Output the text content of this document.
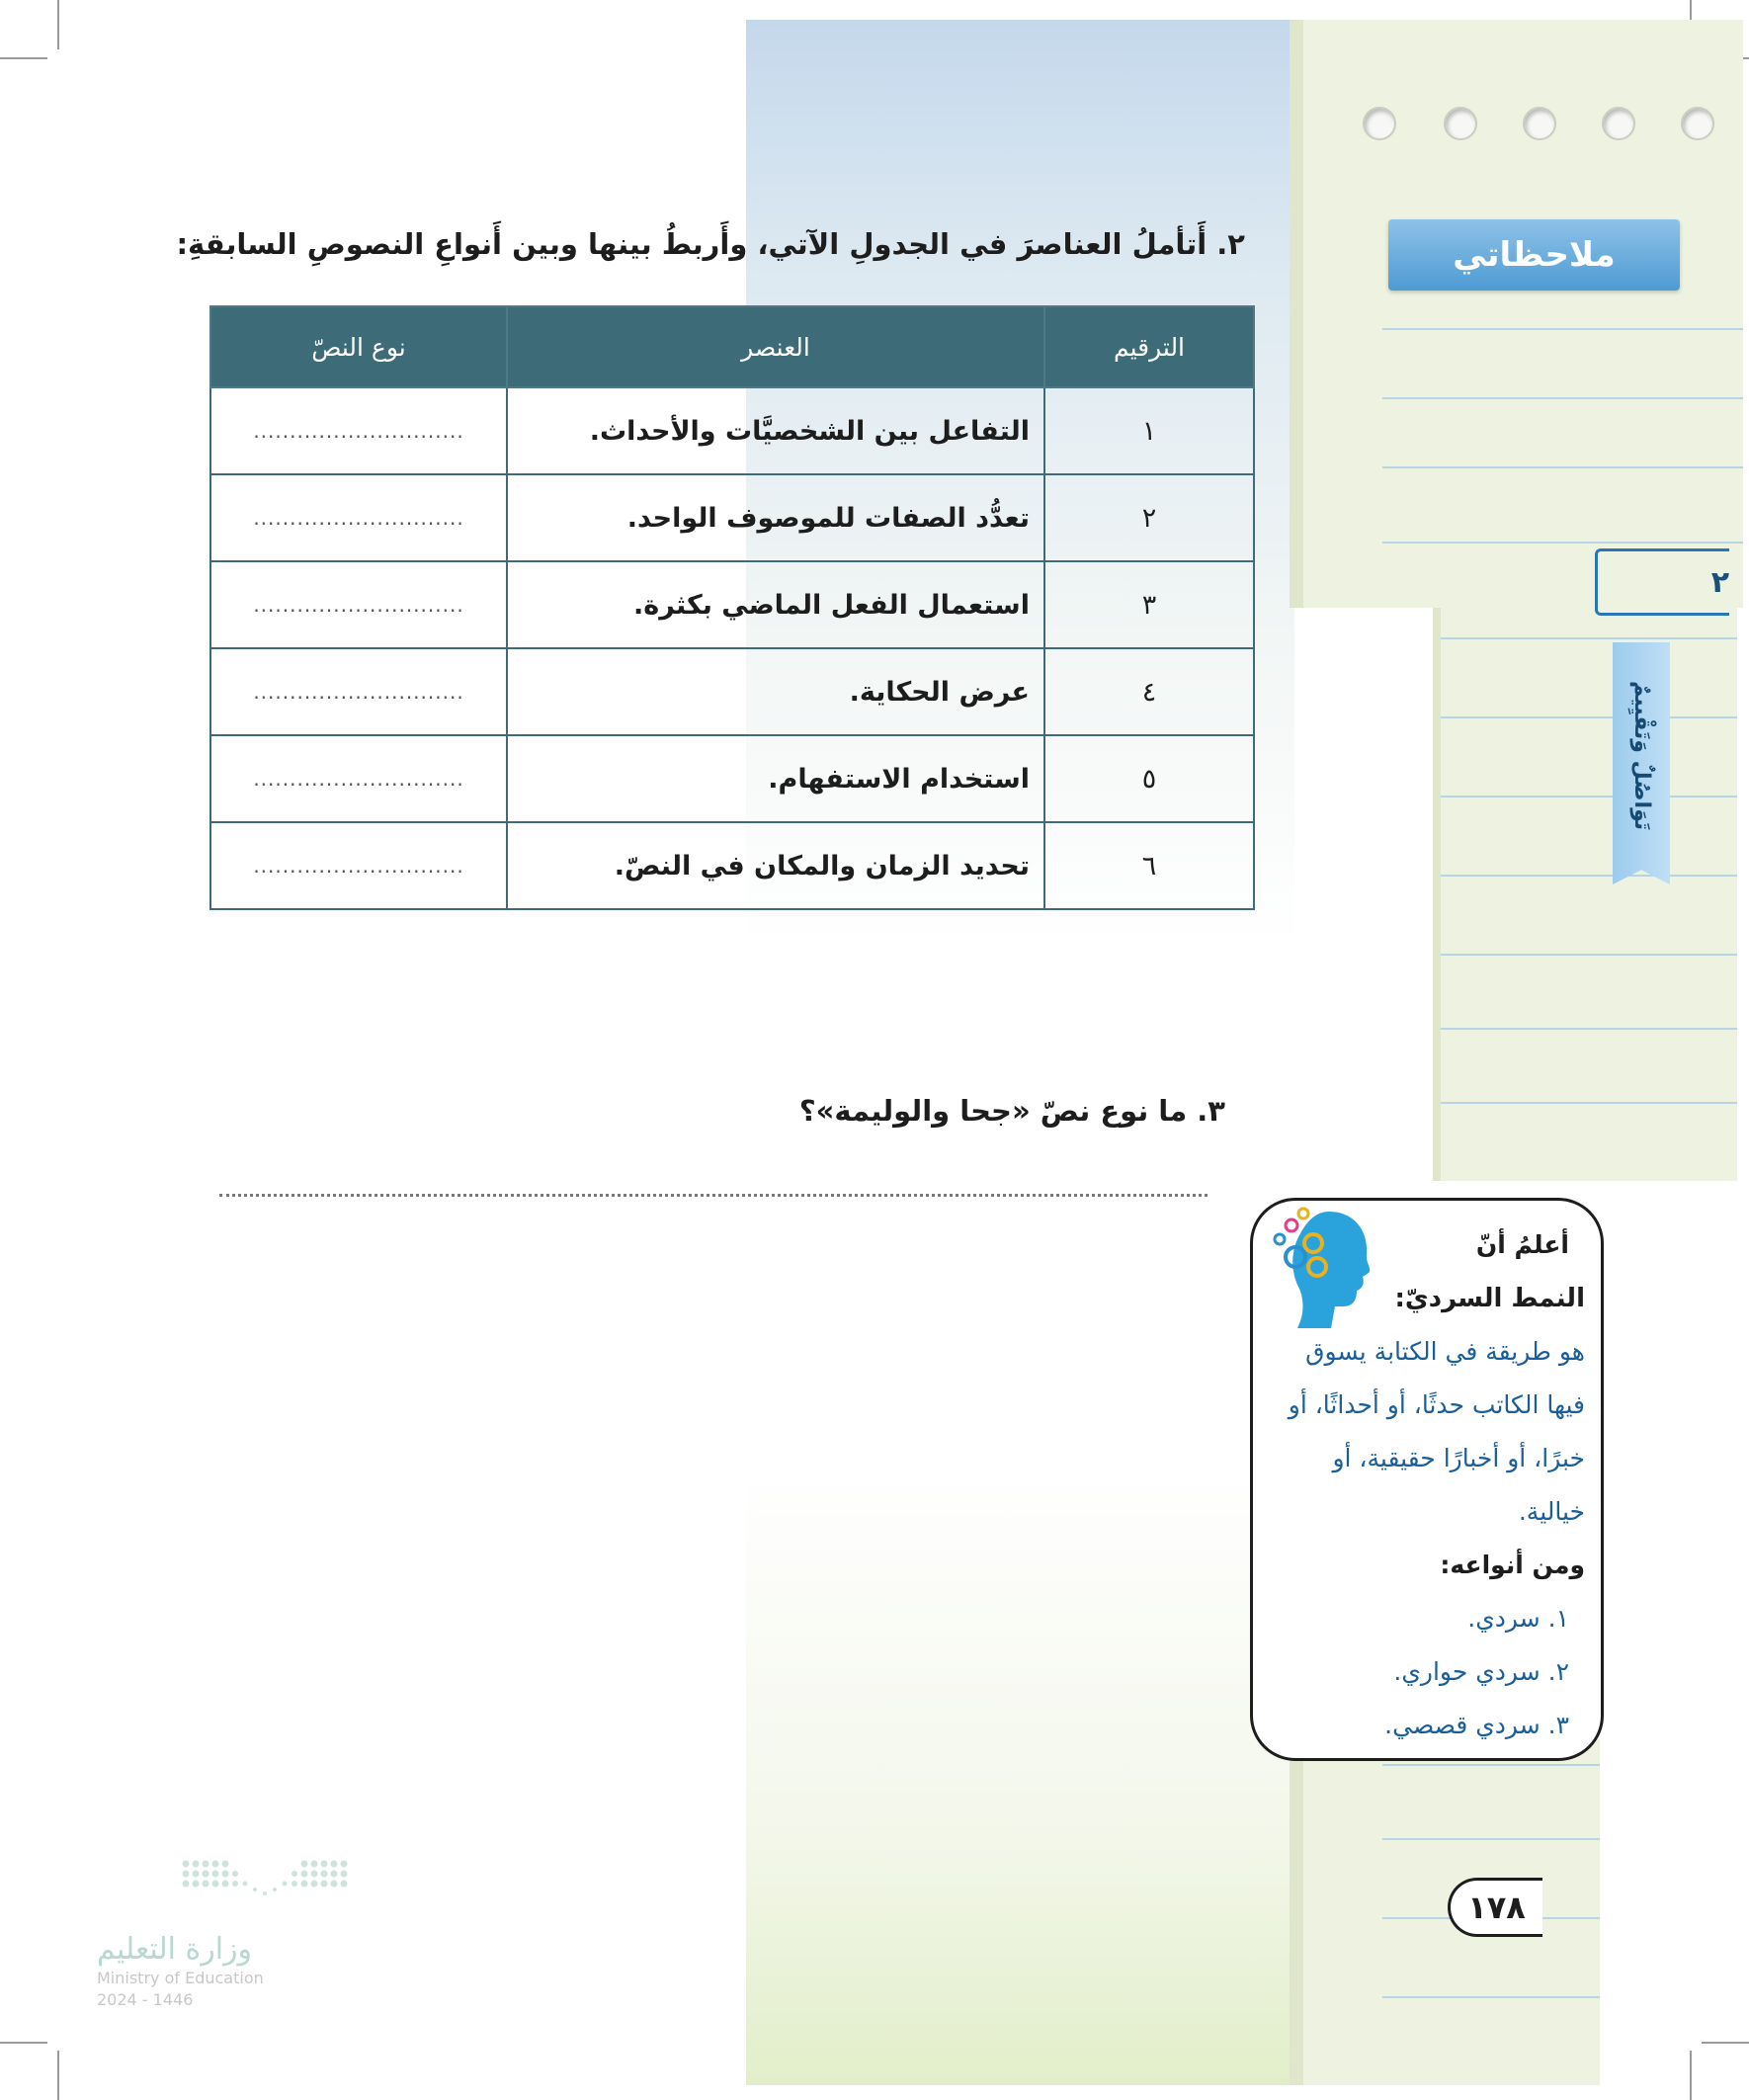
ملاحظاتي
٢
تَوَاصُلٌ وَتَقْيِيمٌ
٢. أَتأملُ العناصرَ في الجدولِ الآتي، وأَربطُ بينها وبين أَنواعِ النصوصِ السابقةِ:
الترقيم	العنصر	نوع النصّ
١	التفاعل بين الشخصيَّات والأحداث.	.............................
٢	تعدُّد الصفات للموصوف الواحد.	.............................
٣	استعمال الفعل الماضي بكثرة.	.............................
٤	عرض الحكاية.	.............................
٥	استخدام الاستفهام.	.............................
٦	تحديد الزمان والمكان في النصّ.	.............................
٣. ما نوع نصّ «جحا والوليمة»؟
أعلمُ أنّ
النمط السرديّ:
هو طريقة في الكتابة يسوق فيها الكاتب حدثًا، أو أحداثًا، أو خبرًا، أو أخبارًا حقيقية، أو خيالية.
ومن أنواعه:
١. سردي.
٢. سردي حواري.
٣. سردي قصصي.
١٧٨
وزارة التعليم
Ministry of Education
2024 - 1446
